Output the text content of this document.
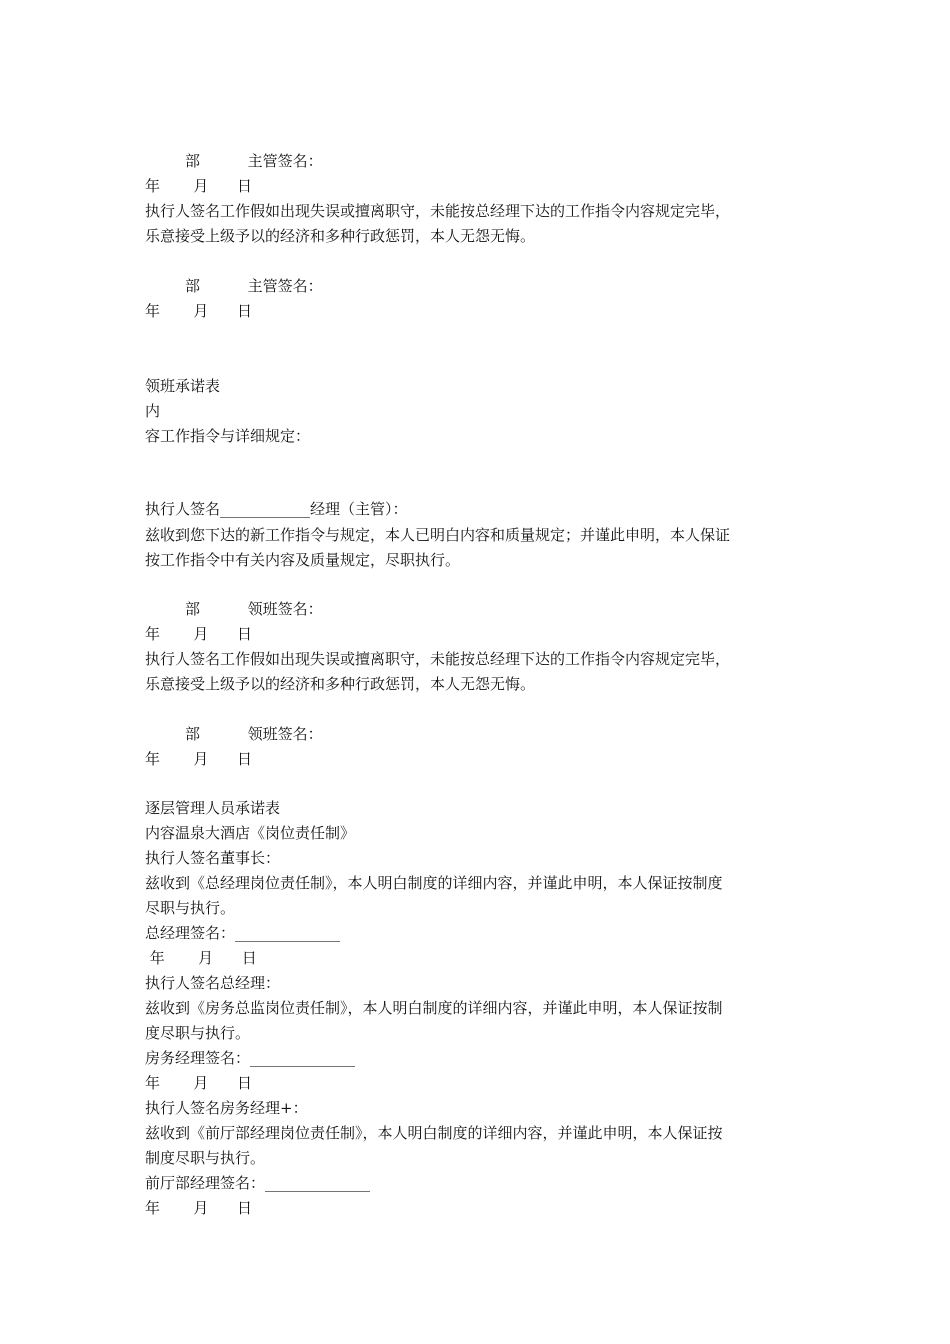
部          主管签名：
年       月      日
执行人签名工作假如出现失误或擅离职守，未能按总经理下达的工作指令内容规定完毕，
乐意接受上级予以的经济和多种行政惩罚，本人无怨无悔。
部          主管签名：
年       月      日
领班承诺表
内
容工作指令与详细规定：
执行人签名____________经理（主管）：
兹收到您下达的新工作指令与规定，本人已明白内容和质量规定；并谨此申明，本人保证
按工作指令中有关内容及质量规定，尽职执行。
部          领班签名：
年       月      日
执行人签名工作假如出现失误或擅离职守，未能按总经理下达的工作指令内容规定完毕，
乐意接受上级予以的经济和多种行政惩罚，本人无怨无悔。
部          领班签名：
年       月      日
逐层管理人员承诺表
内容温泉大酒店《岗位责任制》
执行人签名董事长：
兹收到《总经理岗位责任制》，本人明白制度的详细内容，并谨此申明，本人保证按制度
尽职与执行。
总经理签名：______________
年       月      日
执行人签名总经理：
兹收到《房务总监岗位责任制》，本人明白制度的详细内容，并谨此申明，本人保证按制
度尽职与执行。
房务经理签名：______________
年       月      日
执行人签名房务经理+：
兹收到《前厅部经理岗位责任制》，本人明白制度的详细内容，并谨此申明，本人保证按
制度尽职与执行。
前厅部经理签名：______________
年       月      日
